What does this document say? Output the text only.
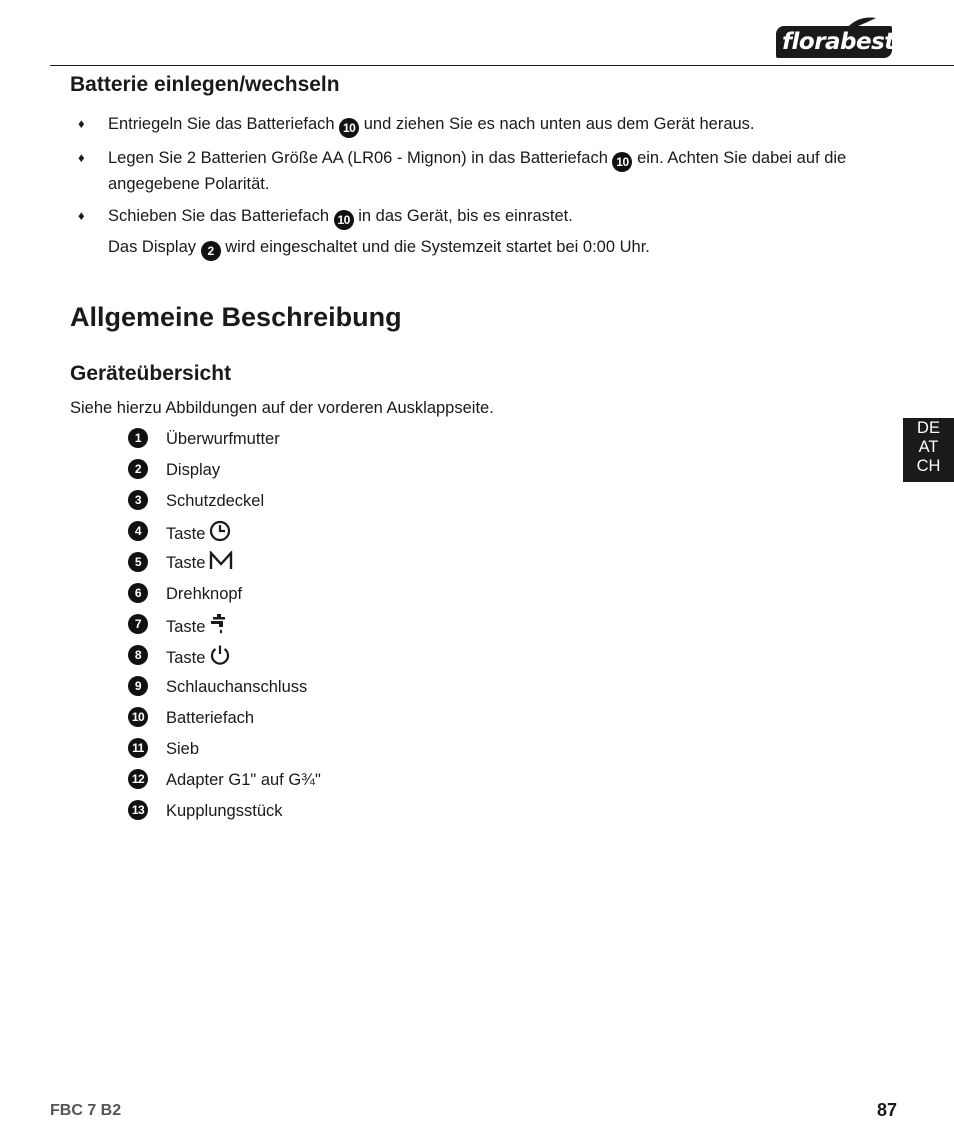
florabest
Batterie einlegen/wechseln
♦ Entriegeln Sie das Batteriefach 10 und ziehen Sie es nach unten aus dem Gerät heraus.
♦ Legen Sie 2 Batterien Größe AA (LR06 - Mignon) in das Batteriefach 10 ein. Achten Sie dabei auf die angegebene Polarität.
♦ Schieben Sie das Batteriefach 10 in das Gerät, bis es einrastet.
Das Display 2 wird eingeschaltet und die Systemzeit startet bei 0:00 Uhr.
Allgemeine Beschreibung
Geräteübersicht
Siehe hierzu Abbildungen auf der vorderen Ausklappseite.
1	Überwurfmutter
2	Display
3	Schutzdeckel
4	Taste
5	Taste
6	Drehknopf
7	Taste
8	Taste
9	Schlauchanschluss
10 Batteriefach
11 Sieb
12 Adapter G1" auf G¾"
13 Kupplungsstück
DE
AT
CH
FBC 7 B2	87
